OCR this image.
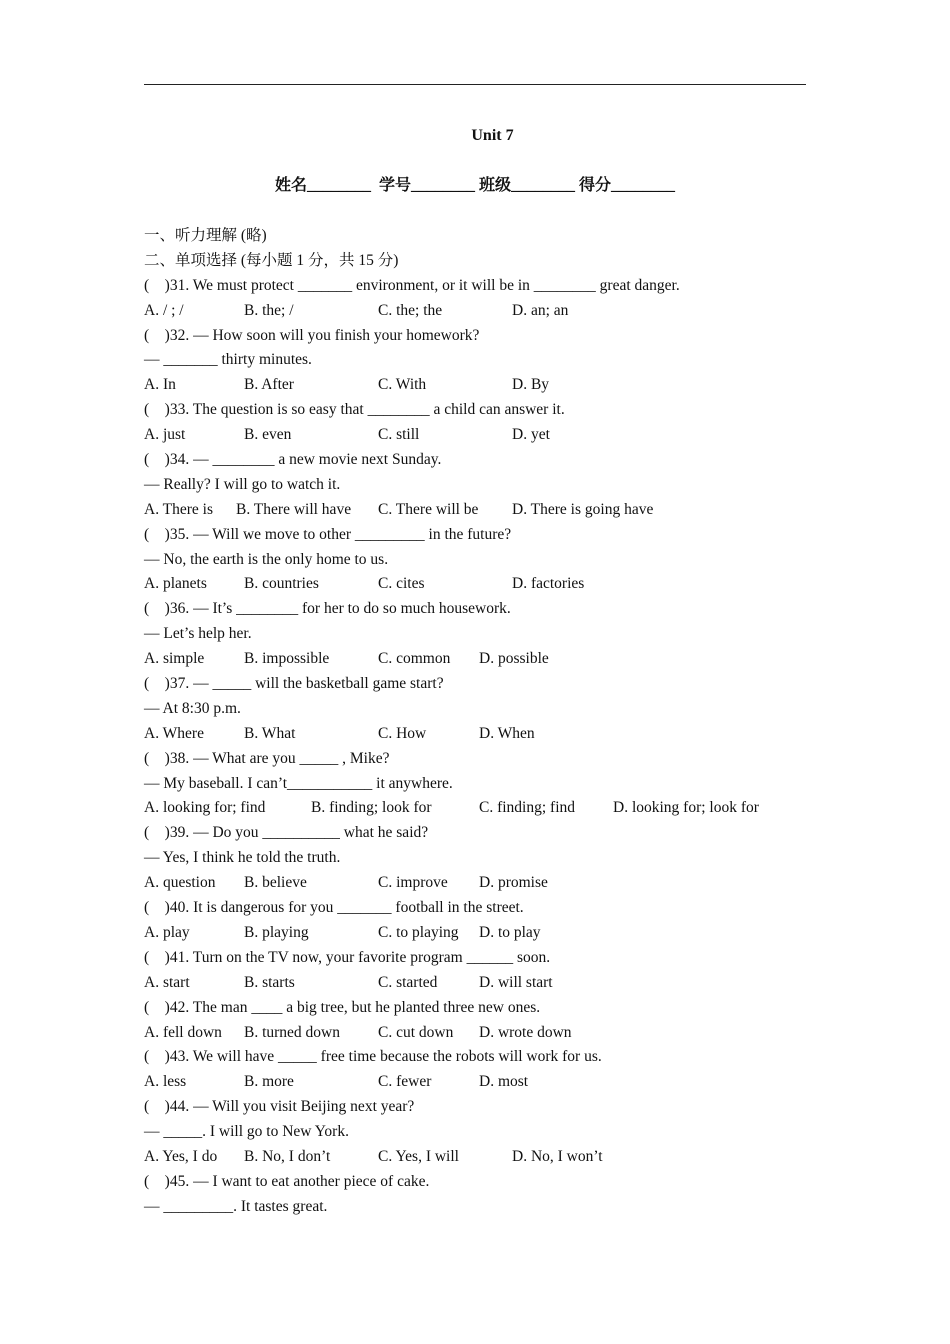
Unit 7
姓名________  学号________ 班级________ 得分________
一、听力理解 (略)
二、单项选择 (每小题 1 分，共 15 分)
(    )31. We must protect _______ environment, or it will be in ________ great danger.
A. / ; /	B. the; /	C. the; the	D. an; an
(    )32. — How soon will you finish your homework?
— _______ thirty minutes.
A. In	B. After	C. With	D. By
(    )33. The question is so easy that ________ a child can answer it.
A. just	B. even	C. still	D. yet
(    )34. — ________ a new movie next Sunday.
— Really? I will go to watch it.
A. There is B. There will have C. There will be D. There is going have
(    )35. — Will we move to other _________ in the future?
— No, the earth is the only home to us.
A. planets B. countries	C. cites	D. factories
(    )36. — It’s ________ for her to do so much housework.
— Let’s help her.
A. simple	B. impossible	C. common D. possible
(    )37. — _____ will the basketball game start?
— At 8:30 p.m.
A. Where	B. What	C. How	D. When
(    )38. — What are you _____ , Mike?
— My baseball. I can’t___________ it anywhere.
A. looking for; find	B. finding; look for	C. finding; find D. looking for; look for
(    )39. — Do you __________ what he said?
— Yes, I think he told the truth.
A. question B. believe	C. improve D. promise
(    )40. It is dangerous for you _______ football in the street.
A. play	B. playing	C. to playing D. to play
(    )41. Turn on the TV now, your favorite program ______ soon.
A. start	B. starts	C. started	D. will start
(    )42. The man ____ a big tree, but he planted three new ones.
A. fell down B. turned down C. cut down D. wrote down
(    )43. We will have _____ free time because the robots will work for us.
A. less	B. more	C. fewer	D. most
(    )44. — Will you visit Beijing next year?
— _____. I will go to New York.
A. Yes, I do B. No, I don’t	C. Yes, I will	D. No, I won’t
(    )45. — I want to eat another piece of cake.
— _________. It tastes great.
